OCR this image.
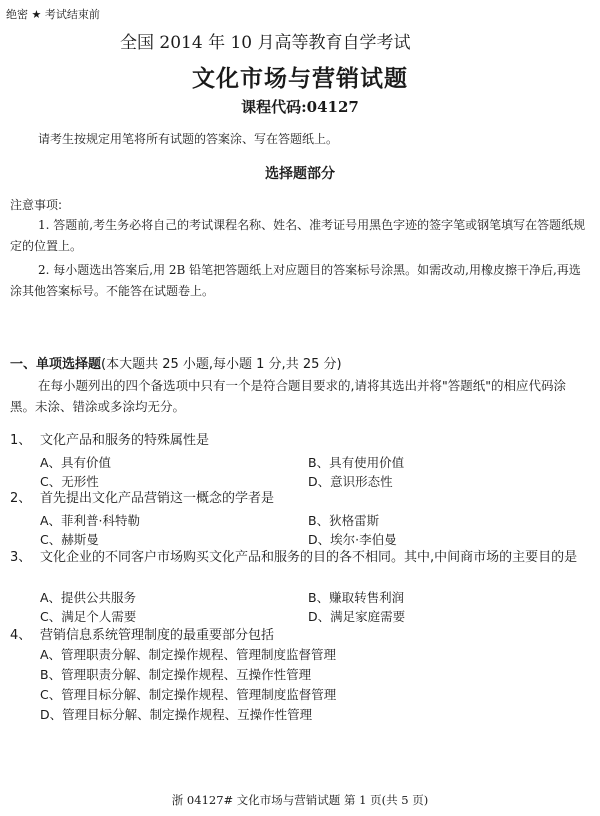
绝密 ★ 考试结束前
全国 2014 年 10 月高等教育自学考试
文化市场与营销试题
课程代码:04127
请考生按规定用笔将所有试题的答案涂、写在答题纸上。
选择题部分
注意事项:
1. 答题前,考生务必将自己的考试课程名称、姓名、准考证号用黑色字迹的签字笔或钢笔填写在答题纸规定的位置上。
2. 每小题选出答案后,用 2B 铅笔把答题纸上对应题目的答案标号涂黑。如需改动,用橡皮擦干净后,再选涂其他答案标号。不能答在试题卷上。
一、单项选择题(本大题共 25 小题,每小题 1 分,共 25 分)
在每小题列出的四个备选项中只有一个是符合题目要求的,请将其选出并将"答题纸"的相应代码涂黑。未涂、错涂或多涂均无分。
1、 文化产品和服务的特殊属性是
A、具有价值	B、具有使用价值
C、无形性	D、意识形态性
2、 首先提出文化产品营销这一概念的学者是
A、菲利普·科特勒	B、狄格雷斯
C、赫斯曼	D、埃尔·李伯曼
3、 文化企业的不同客户市场购买文化产品和服务的目的各不相同。其中,中间商市场的主要目的是
A、提供公共服务	B、赚取转售利润
C、满足个人需要	D、满足家庭需要
4、 营销信息系统管理制度的最重要部分包括
A、管理职责分解、制定操作规程、管理制度监督管理
B、管理职责分解、制定操作规程、互操作性管理
C、管理目标分解、制定操作规程、管理制度监督管理
D、管理目标分解、制定操作规程、互操作性管理
浙 04127# 文化市场与营销试题 第 1 页(共 5 页)
